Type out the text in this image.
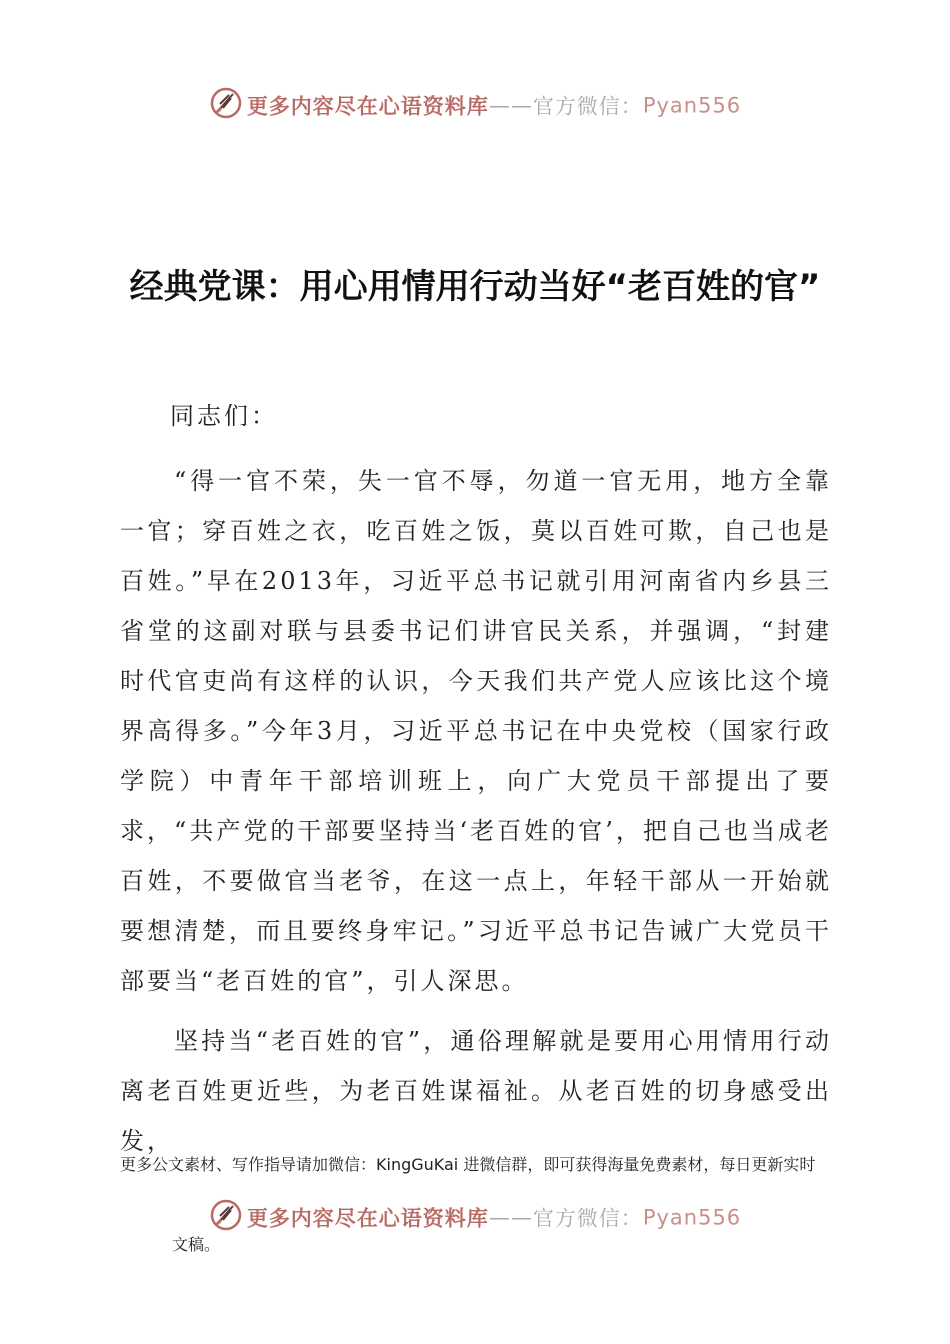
更多内容尽在心语资料库——官方微信：Pyan556
经典党课：用心用情用行动当好“老百姓的官”
同志们：
“得一官不荣，失一官不辱，勿道一官无用，地方全靠一官；穿百姓之衣，吃百姓之饭，莫以百姓可欺，自己也是百姓。”早在2013年，习近平总书记就引用河南省内乡县三省堂的这副对联与县委书记们讲官民关系，并强调，“封建时代官吏尚有这样的认识，今天我们共产党人应该比这个境界高得多。”今年3月，习近平总书记在中央党校（国家行政学院）中青年干部培训班上，向广大党员干部提出了要求，“共产党的干部要坚持当‘老百姓的官’，把自己也当成老百姓，不要做官当老爷，在这一点上，年轻干部从一开始就要想清楚，而且要终身牢记。”习近平总书记告诫广大党员干部要当“老百姓的官”，引人深思。
坚持当“老百姓的官”，通俗理解就是要用心用情用行动离老百姓更近些，为老百姓谋福祉。从老百姓的切身感受出发，
更多公文素材、写作指导请加微信：KingGuKai 进微信群，即可获得海量免费素材，每日更新实时
更多内容尽在心语资料库——官方微信：Pyan556
文稿。
